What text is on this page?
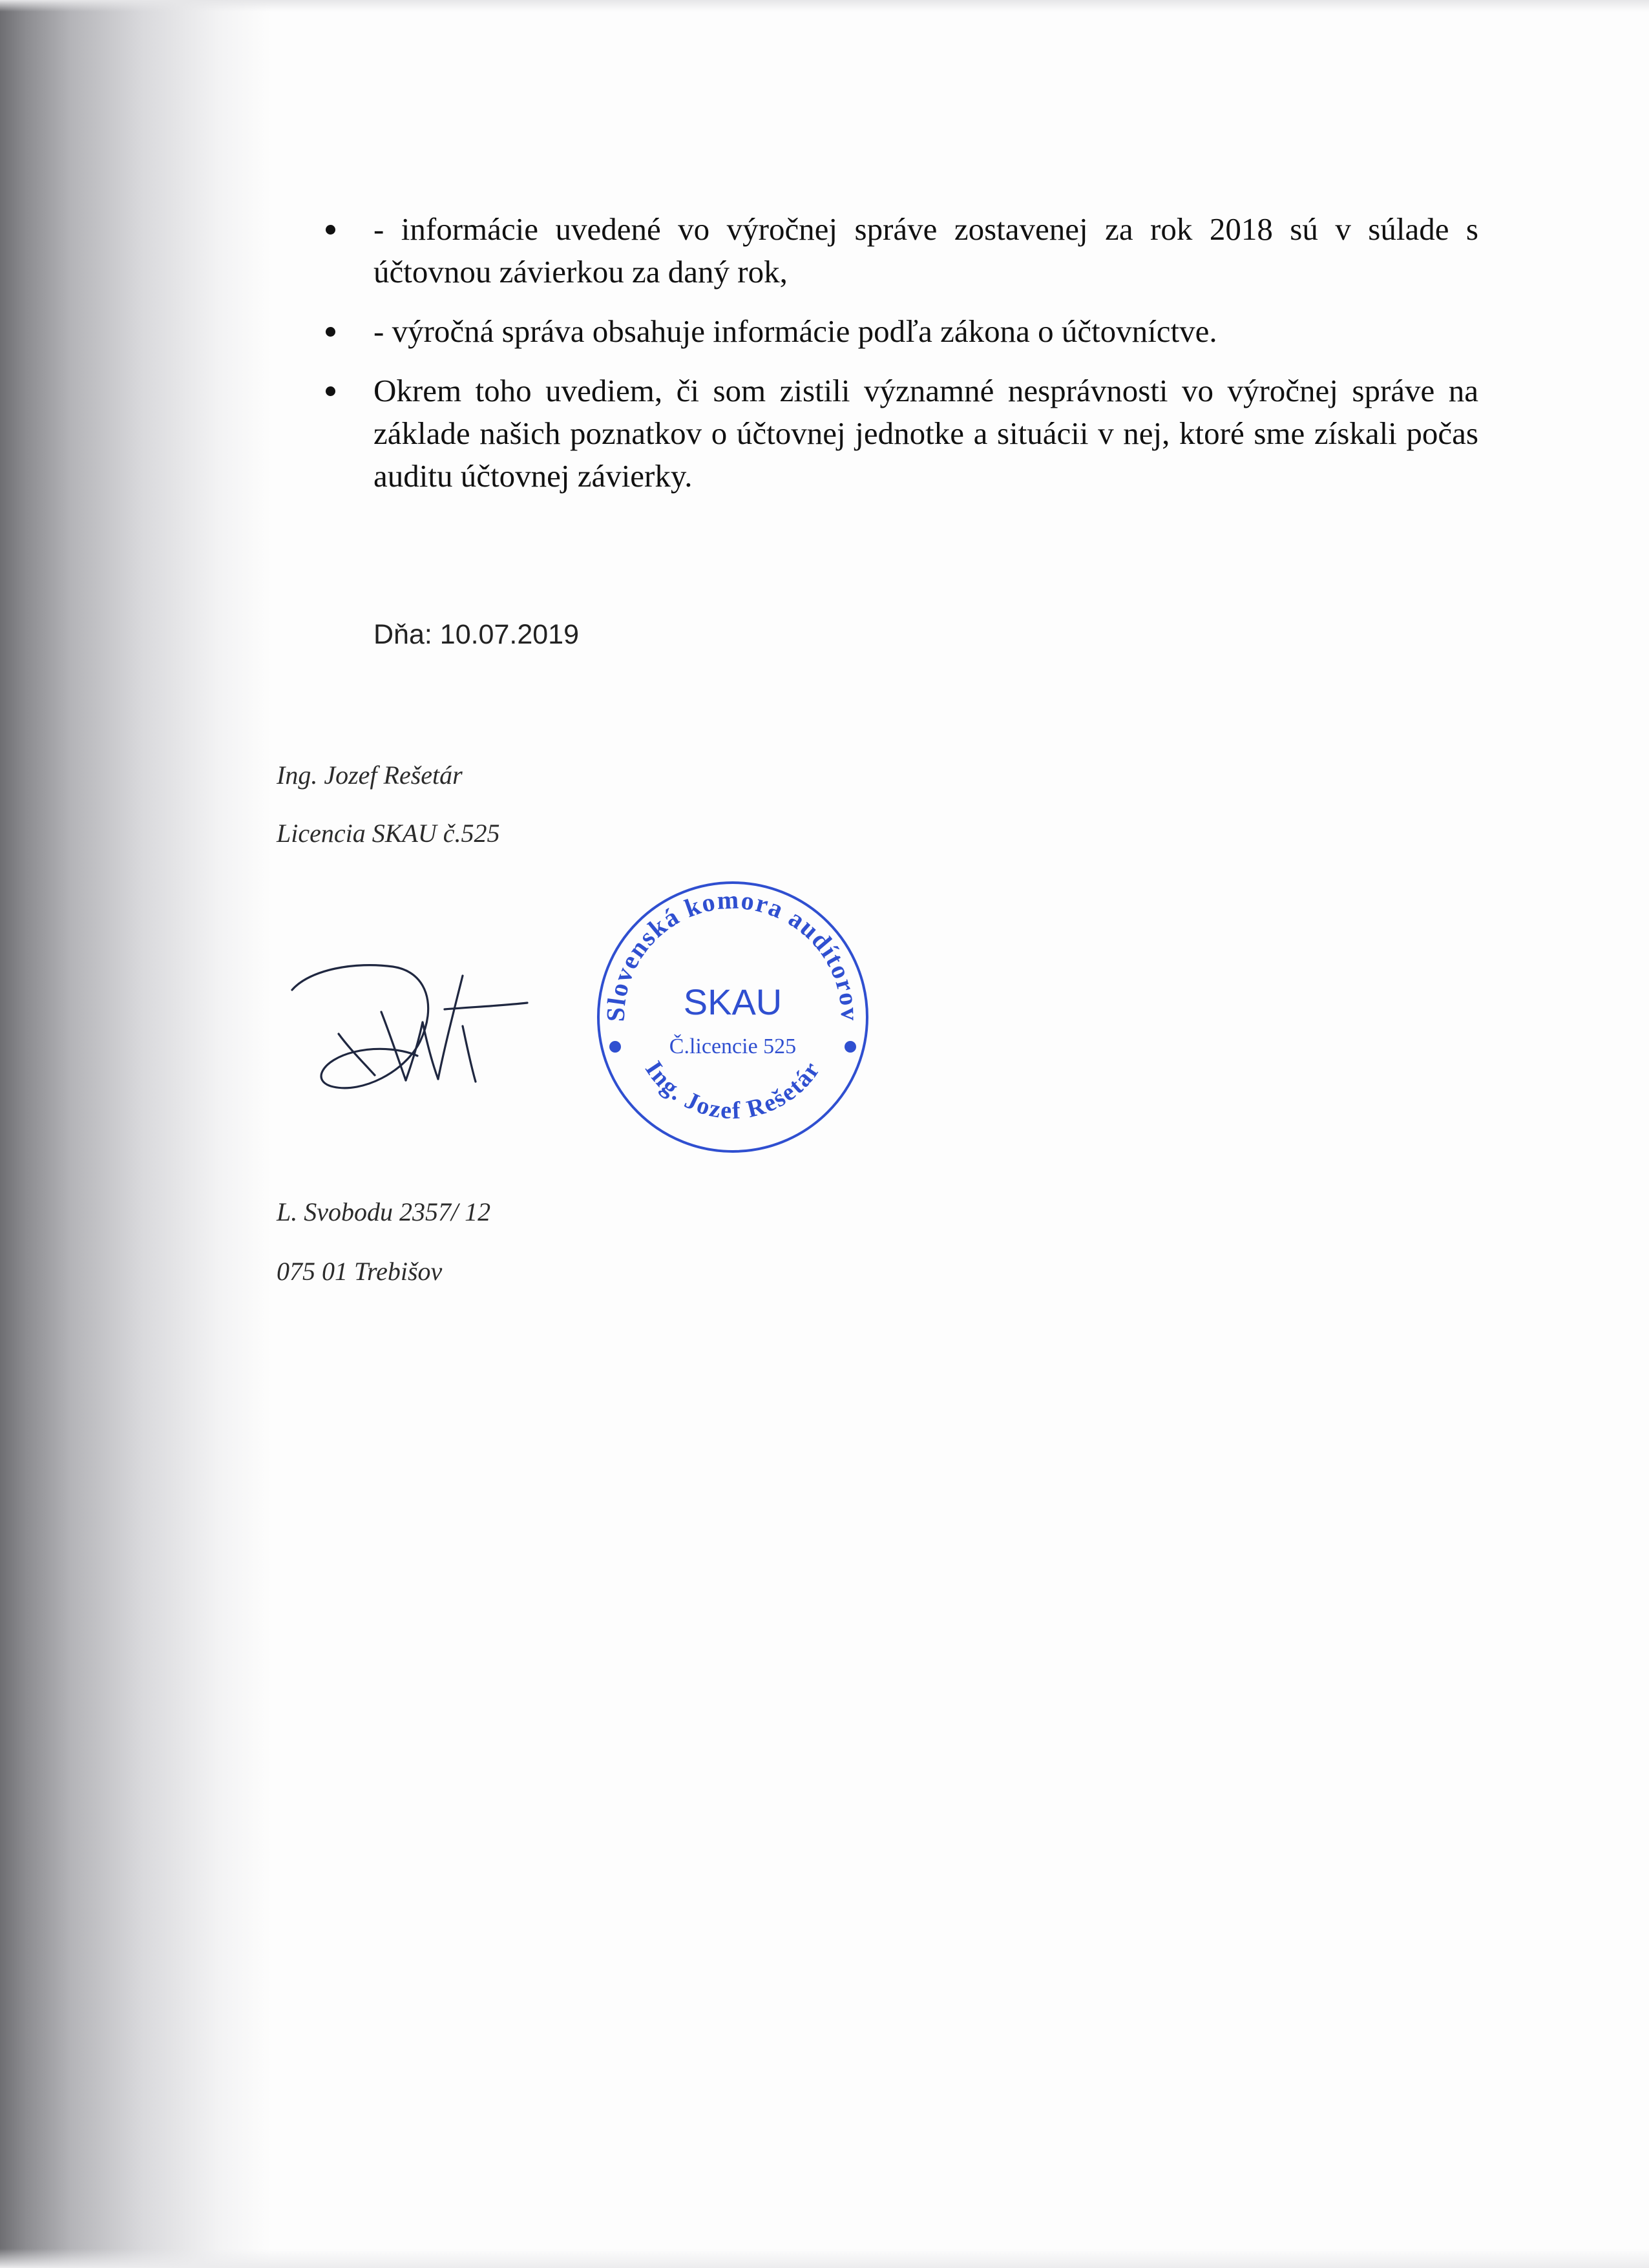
- informácie uvedené vo výročnej správe zostavenej za rok 2018 sú v súlade s účtovnou závierkou za daný rok,
- výročná správa obsahuje informácie podľa zákona o účtovníctve.
Okrem toho uvediem, či som zistili významné nesprávnosti vo výročnej správe na základe našich poznatkov o účtovnej jednotke a situácii v nej, ktoré sme získali počas auditu účtovnej závierky.
Dňa: 10.07.2019
Ing. Jozef Rešetár
Licencia SKAU č.525
Slovenská komora audítorov
Ing. Jozef Rešetár
SKAU
Č.licencie 525
L. Svobodu 2357/ 12
075 01 Trebišov
